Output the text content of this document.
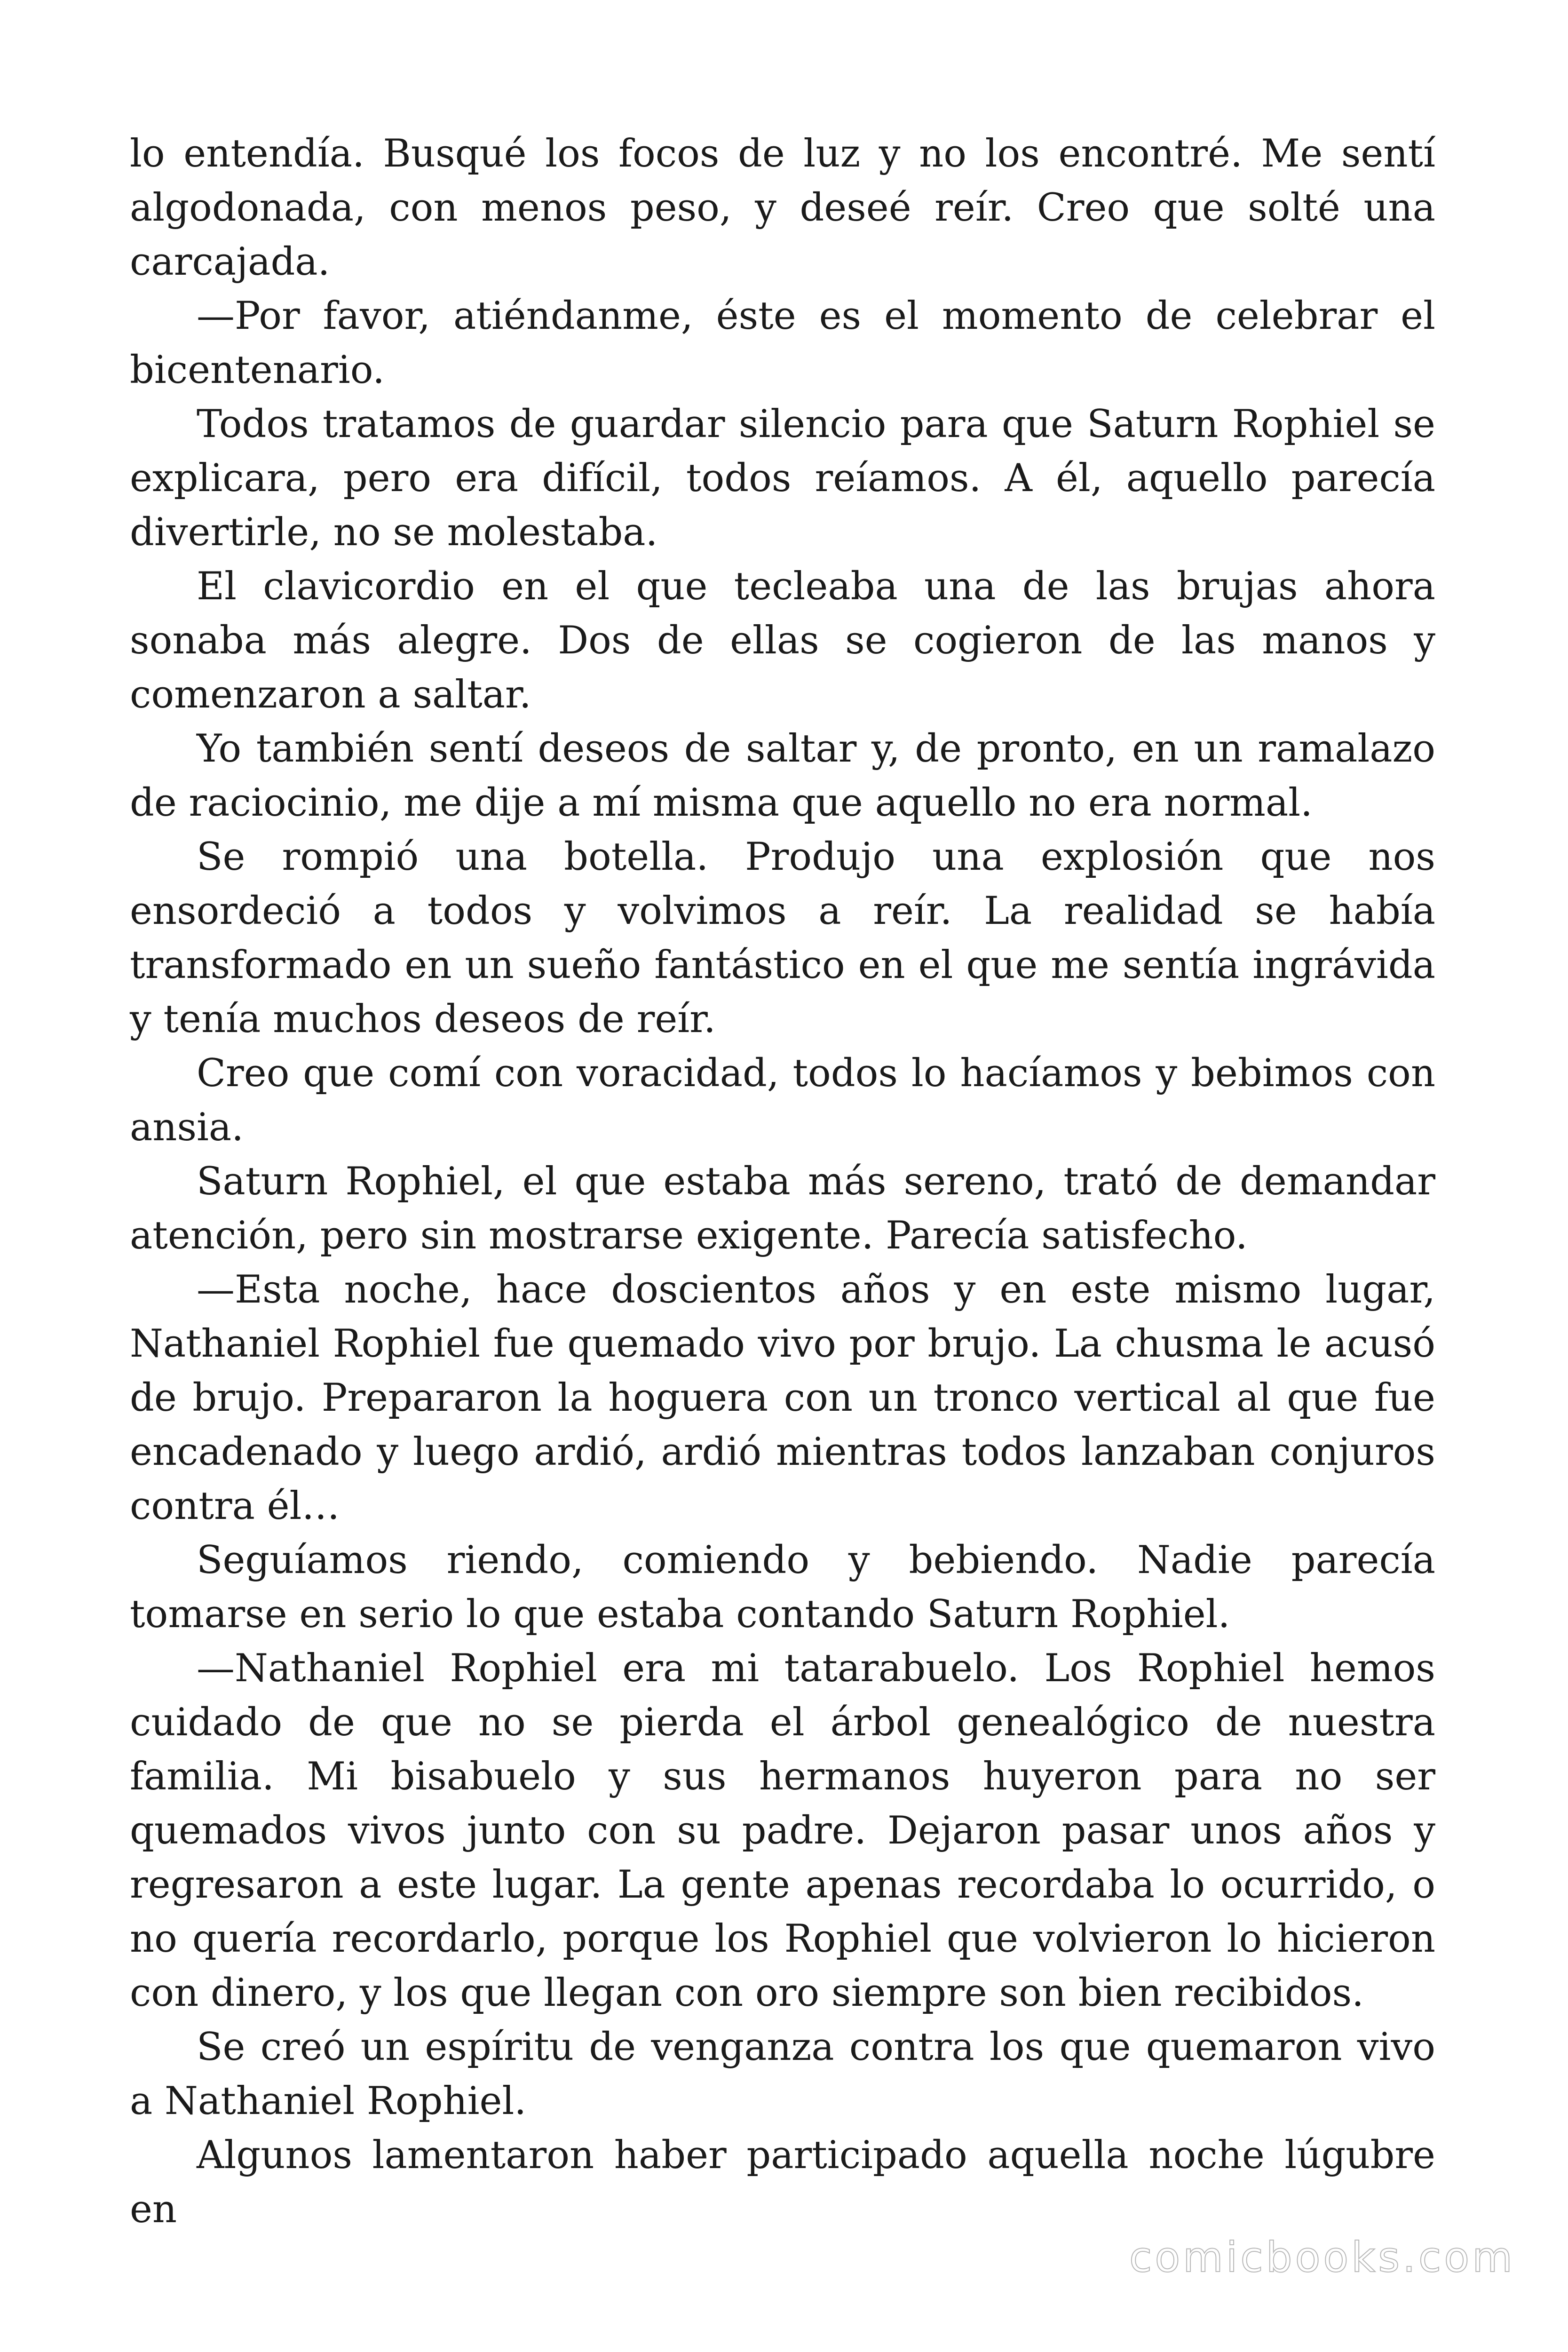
lo entendía. Busqué los focos de luz y no los encontré. Me sentí algodonada, con menos peso, y deseé reír. Creo que solté una carcajada.

—Por favor, atiéndanme, éste es el momento de celebrar el bicentenario.

Todos tratamos de guardar silencio para que Saturn Rophiel se explicara, pero era difícil, todos reíamos. A él, aquello parecía divertirle, no se molestaba.

El clavicordio en el que tecleaba una de las brujas ahora sonaba más alegre. Dos de ellas se cogieron de las manos y comenzaron a saltar.

Yo también sentí deseos de saltar y, de pronto, en un ramalazo de raciocinio, me dije a mí misma que aquello no era normal.

Se rompió una botella. Produjo una explosión que nos ensordeció a todos y volvimos a reír. La realidad se había transformado en un sueño fantástico en el que me sentía ingrávida y tenía muchos deseos de reír.

Creo que comí con voracidad, todos lo hacíamos y bebimos con ansia.

Saturn Rophiel, el que estaba más sereno, trató de demandar atención, pero sin mostrarse exigente. Parecía satisfecho.

—Esta noche, hace doscientos años y en este mismo lugar, Nathaniel Rophiel fue quemado vivo por brujo. La chusma le acusó de brujo. Prepararon la hoguera con un tronco vertical al que fue encadenado y luego ardió, ardió mientras todos lanzaban conjuros contra él…

Seguíamos riendo, comiendo y bebiendo. Nadie parecía tomarse en serio lo que estaba contando Saturn Rophiel.

—Nathaniel Rophiel era mi tatarabuelo. Los Rophiel hemos cuidado de que no se pierda el árbol genealógico de nuestra familia. Mi bisabuelo y sus hermanos huyeron para no ser quemados vivos junto con su padre. Dejaron pasar unos años y regresaron a este lugar. La gente apenas recordaba lo ocurrido, o no quería recordarlo, porque los Rophiel que volvieron lo hicieron con dinero, y los que llegan con oro siempre son bien recibidos.

Se creó un espíritu de venganza contra los que quemaron vivo a Nathaniel Rophiel.

Algunos lamentaron haber participado aquella noche lúgubre en

comicbooks.com
